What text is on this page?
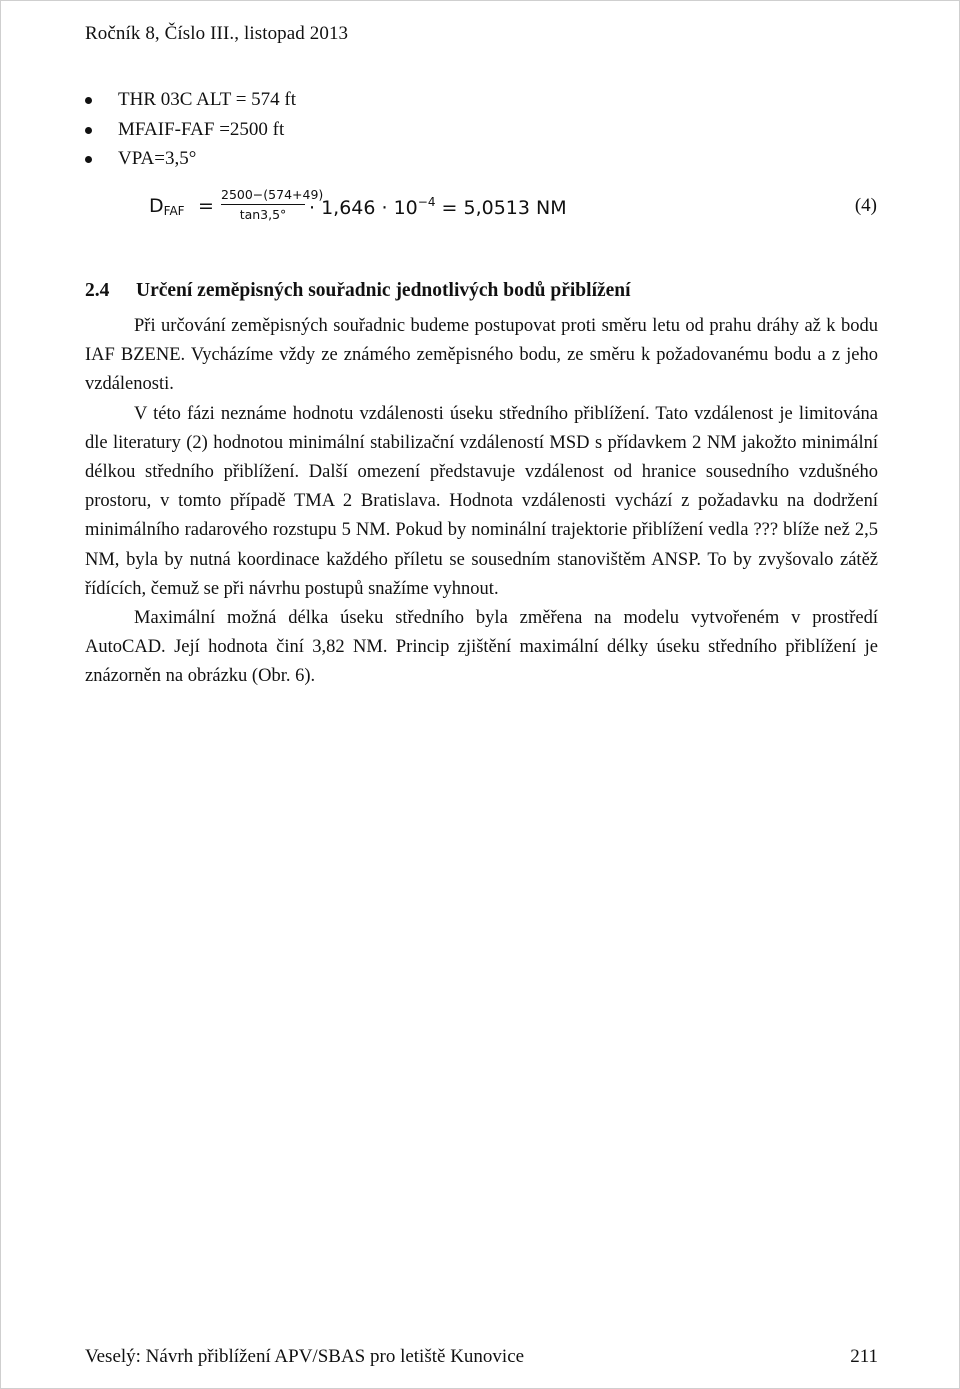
Ročník 8, Číslo III., listopad 2013
THR 03C ALT = 574 ft
MFAIF-FAF =2500 ft
VPA=3,5°
$D_{FAF} = \frac{2500-(574+49)}{\tan 3,5^\circ} \cdot 1,646 \cdot 10^{-4} = 5,0513$ NM	(4)
2.4 Určení zeměpisných souřadnic jednotlivých bodů přiblížení

Při určování zeměpisných souřadnic budeme postupovat proti směru letu od prahu dráhy až k bodu IAF BZENE. Vycházíme vždy ze známého zeměpisného bodu, ze směru k požadovanému bodu a z jeho vzdálenosti.

V této fázi neznáme hodnotu vzdálenosti úseku středního přiblížení. Tato vzdálenost je limitována dle literatury (2) hodnotou minimální stabilizační vzdáleností MSD s přídavkem 2 NM jakožto minimální délkou středního přiblížení. Další omezení představuje vzdálenost od hranice sousedního vzdušného prostoru, v tomto případě TMA 2 Bratislava. Hodnota vzdálenosti vychází z požadavku na dodržení minimálního radarového rozstupu 5 NM. Pokud by nominální trajektorie přiblížení vedla ??? blíže než 2,5 NM, byla by nutná koordinace každého příletu se sousedním stanovištěm ANSP. To by zvyšovalo zátěž řídících, čemuž se při návrhu postupů snažíme vyhnout.

Maximální možná délka úseku středního byla změřena na modelu vytvořeném v prostředí AutoCAD. Její hodnota činí 3,82 NM. Princip zjištění maximální délky úseku středního přiblížení je znázorněn na obrázku (Obr. 6).

Veselý: Návrh přiblížení APV/SBAS pro letiště Kunovice	211
